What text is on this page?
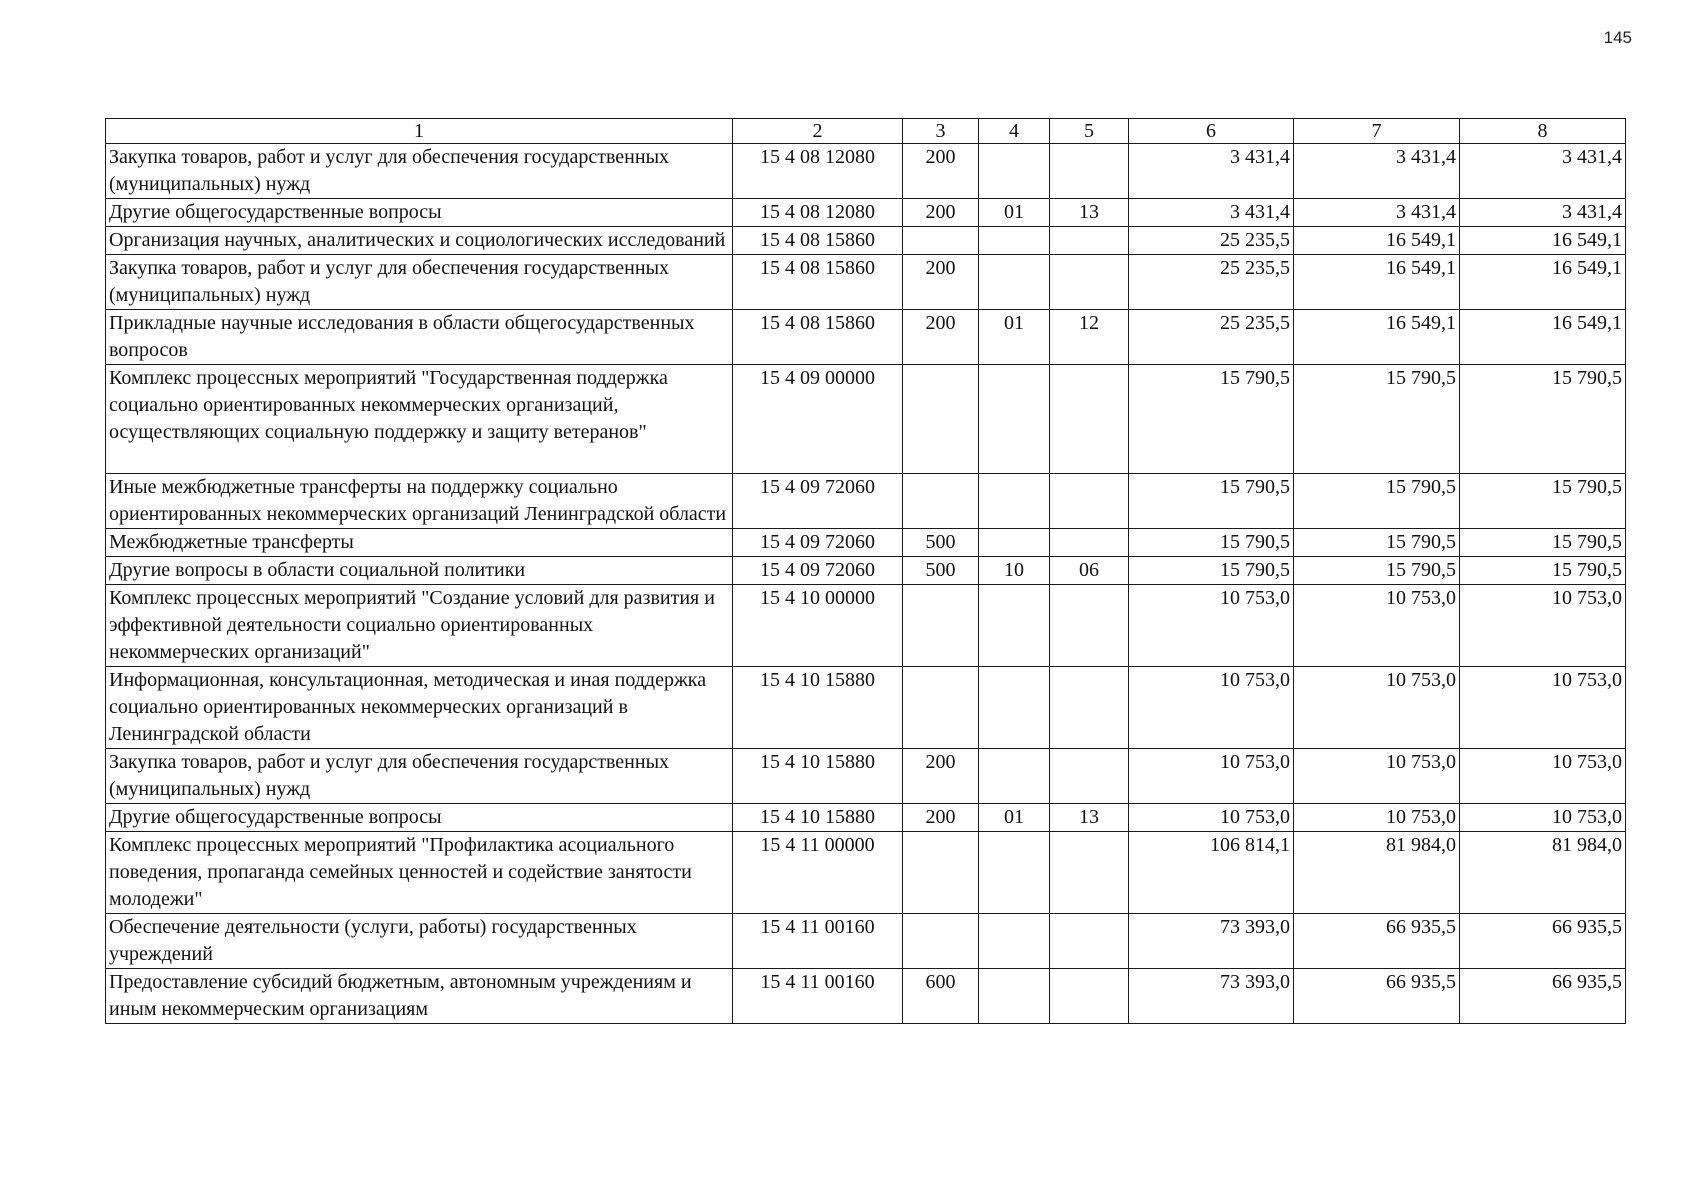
145
1	2	3	4	5	6	7	8
Закупка товаров, работ и услуг для обеспечения государственных (муниципальных) нужд	15 4 08 12080	200			3 431,4	3 431,4	3 431,4
Другие общегосударственные вопросы	15 4 08 12080	200	01	13	3 431,4	3 431,4	3 431,4
Организация научных, аналитических и социологических исследований	15 4 08 15860				25 235,5	16 549,1	16 549,1
Закупка товаров, работ и услуг для обеспечения государственных (муниципальных) нужд	15 4 08 15860	200			25 235,5	16 549,1	16 549,1
Прикладные научные исследования в области общегосударственных вопросов	15 4 08 15860	200	01	12	25 235,5	16 549,1	16 549,1
Комплекс процессных мероприятий "Государственная поддержка социально ориентированных некоммерческих организаций, осуществляющих социальную поддержку и защиту ветеранов"	15 4 09 00000				15 790,5	15 790,5	15 790,5
Иные межбюджетные трансферты на поддержку социально ориентированных некоммерческих организаций Ленинградской области	15 4 09 72060				15 790,5	15 790,5	15 790,5
Межбюджетные трансферты	15 4 09 72060	500			15 790,5	15 790,5	15 790,5
Другие вопросы в области социальной политики	15 4 09 72060	500	10	06	15 790,5	15 790,5	15 790,5
Комплекс процессных мероприятий "Создание условий для развития и эффективной деятельности социально ориентированных некоммерческих организаций"	15 4 10 00000				10 753,0	10 753,0	10 753,0
Информационная, консультационная, методическая и иная поддержка социально ориентированных некоммерческих организаций в Ленинградской области	15 4 10 15880				10 753,0	10 753,0	10 753,0
Закупка товаров, работ и услуг для обеспечения государственных (муниципальных) нужд	15 4 10 15880	200			10 753,0	10 753,0	10 753,0
Другие общегосударственные вопросы	15 4 10 15880	200	01	13	10 753,0	10 753,0	10 753,0
Комплекс процессных мероприятий "Профилактика асоциального поведения, пропаганда семейных ценностей и содействие занятости молодежи"	15 4 11 00000				106 814,1	81 984,0	81 984,0
Обеспечение деятельности (услуги, работы) государственных учреждений	15 4 11 00160				73 393,0	66 935,5	66 935,5
Предоставление субсидий бюджетным, автономным учреждениям и иным некоммерческим организациям	15 4 11 00160	600			73 393,0	66 935,5	66 935,5
